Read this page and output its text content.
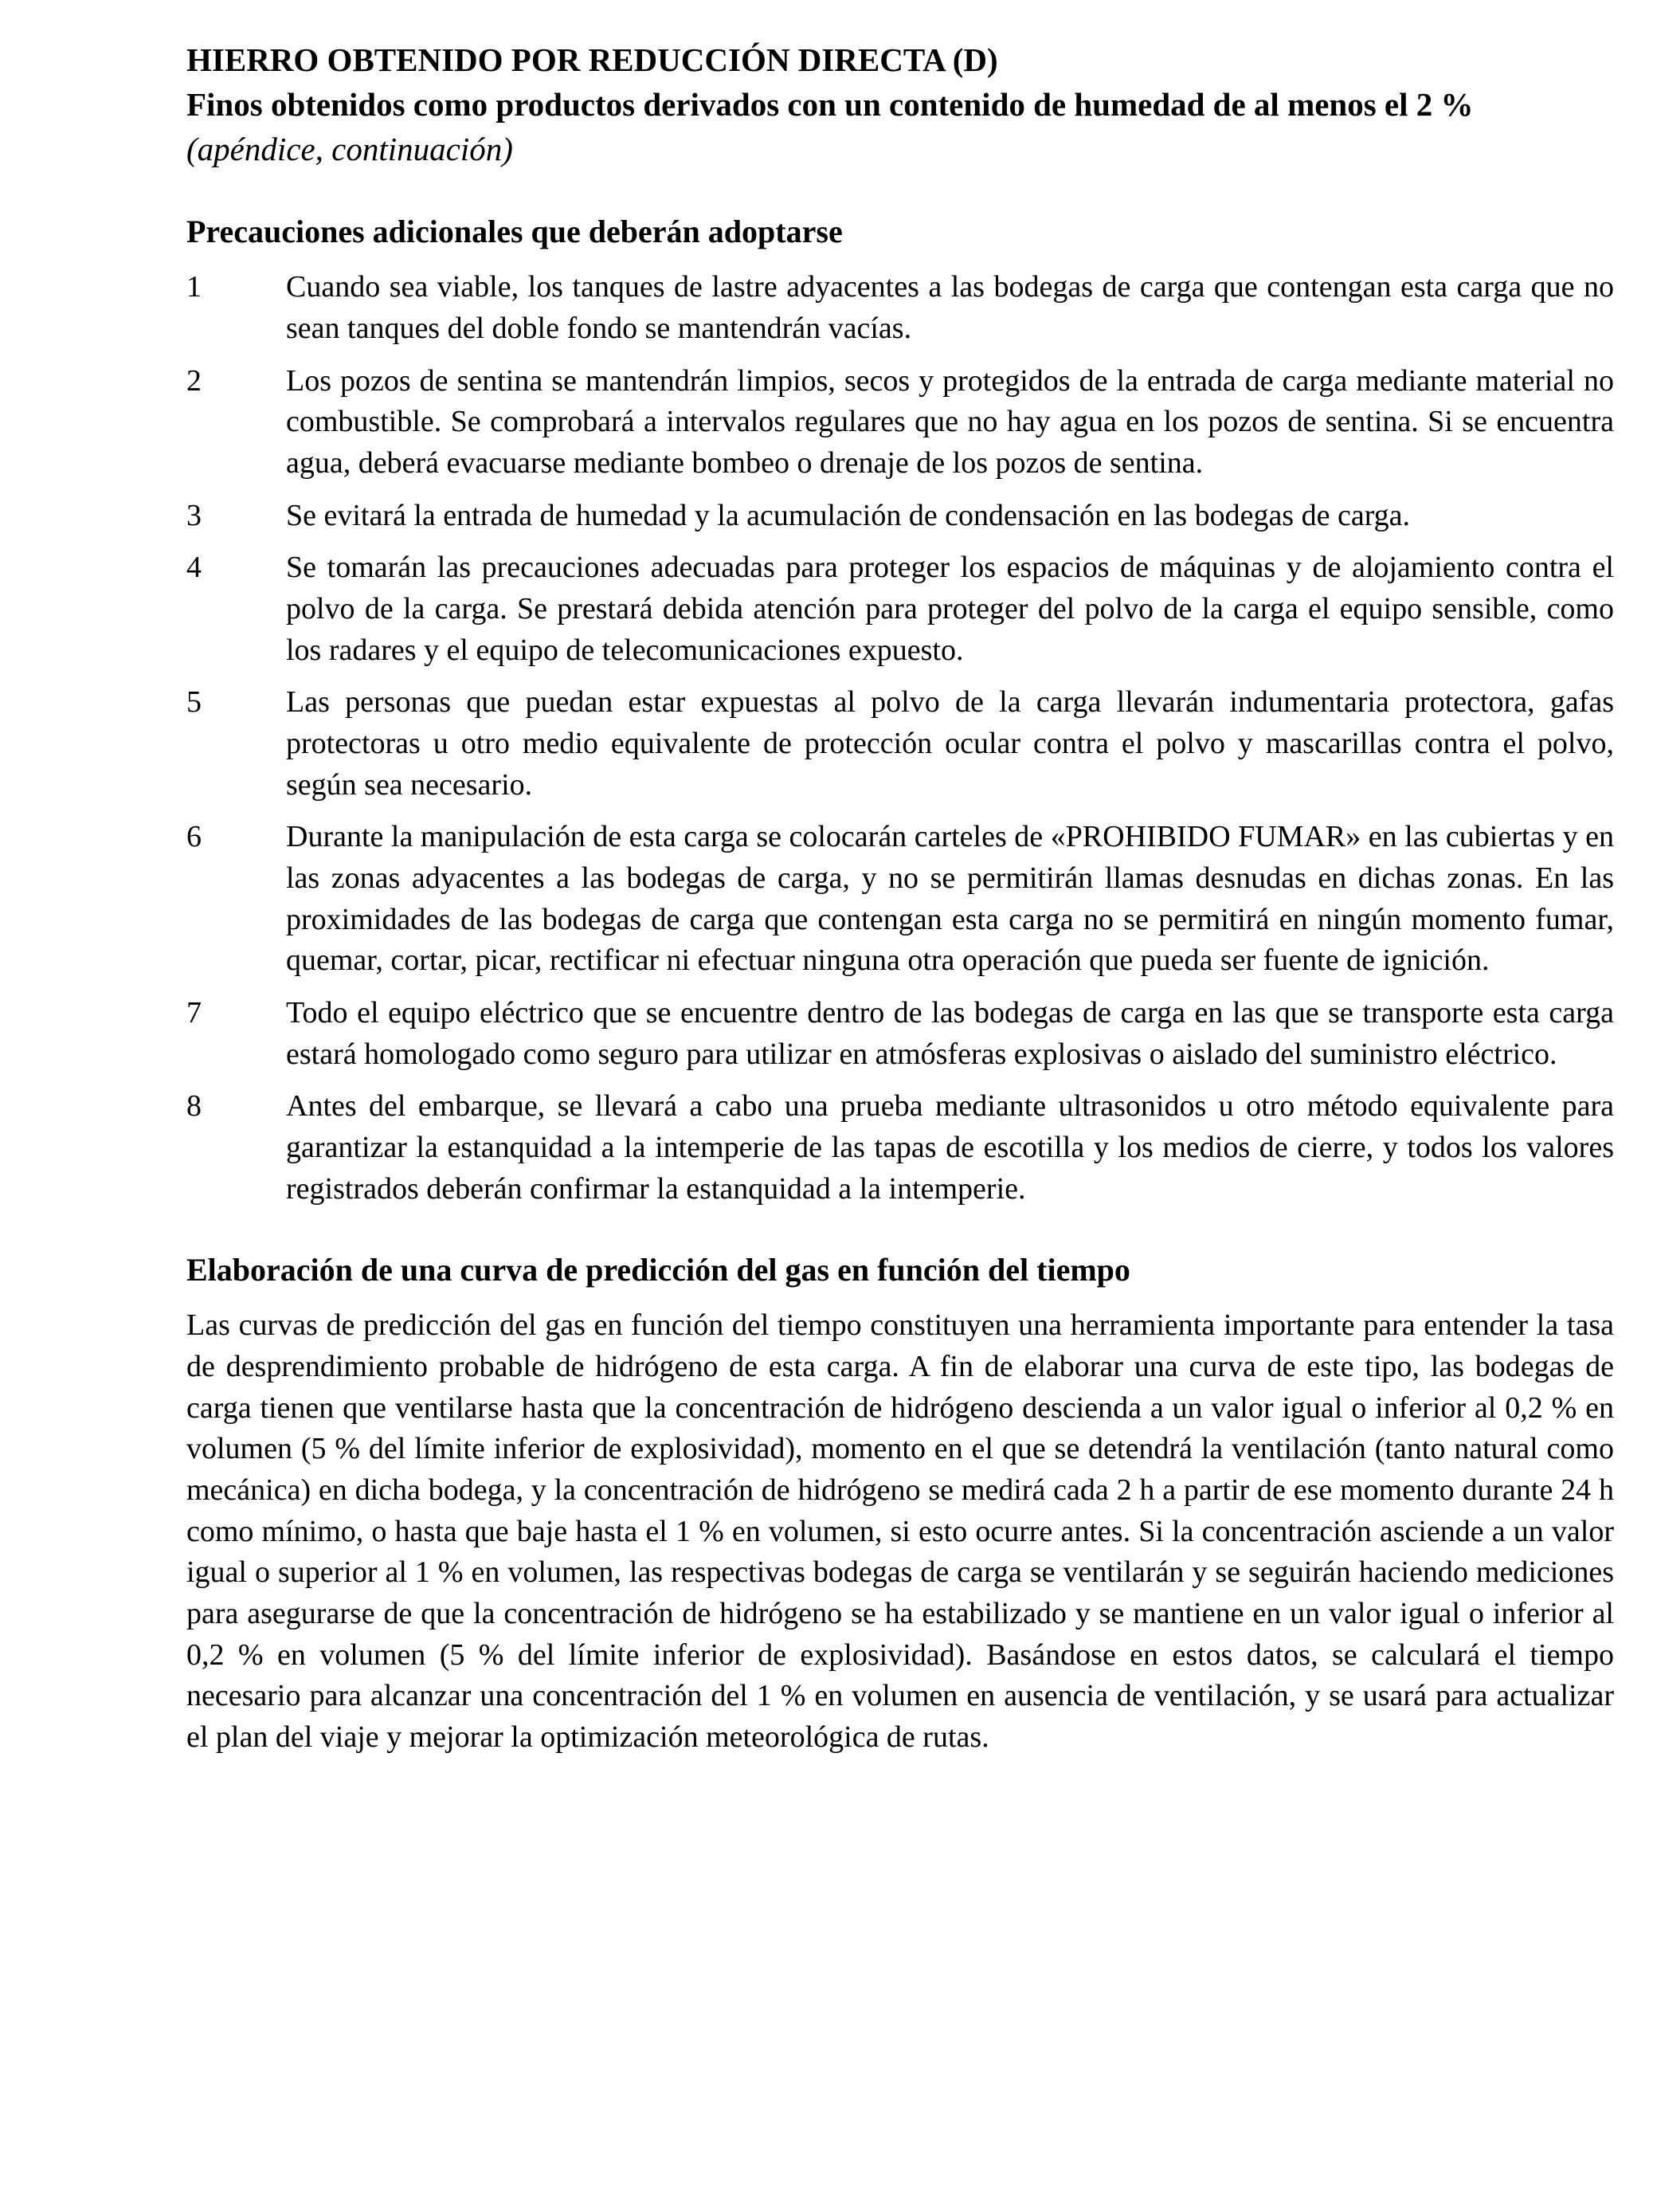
HIERRO OBTENIDO POR REDUCCIÓN DIRECTA (D)

Finos obtenidos como productos derivados con un contenido de humedad de al menos el 2 % (apéndice, continuación)

Precauciones adicionales que deberán adoptarse
1	Cuando sea viable, los tanques de lastre adyacentes a las bodegas de carga que contengan esta carga que no sean tanques del doble fondo se mantendrán vacías.
2	Los pozos de sentina se mantendrán limpios, secos y protegidos de la entrada de carga mediante material no combustible. Se comprobará a intervalos regulares que no hay agua en los pozos de sentina. Si se encuentra agua, deberá evacuarse mediante bombeo o drenaje de los pozos de sentina.
3	Se evitará la entrada de humedad y la acumulación de condensación en las bodegas de carga.
4	Se tomarán las precauciones adecuadas para proteger los espacios de máquinas y de alojamiento contra el polvo de la carga. Se prestará debida atención para proteger del polvo de la carga el equipo sensible, como los radares y el equipo de telecomunicaciones expuesto.
5	Las personas que puedan estar expuestas al polvo de la carga llevarán indumentaria protectora, gafas protectoras u otro medio equivalente de protección ocular contra el polvo y mascarillas contra el polvo, según sea necesario.
6	Durante la manipulación de esta carga se colocarán carteles de «PROHIBIDO FUMAR» en las cubiertas y en las zonas adyacentes a las bodegas de carga, y no se permitirán llamas desnudas en dichas zonas. En las proximidades de las bodegas de carga que contengan esta carga no se permitirá en ningún momento fumar, quemar, cortar, picar, rectificar ni efectuar ninguna otra operación que pueda ser fuente de ignición.
7	Todo el equipo eléctrico que se encuentre dentro de las bodegas de carga en las que se transporte esta carga estará homologado como seguro para utilizar en atmósferas explosivas o aislado del suministro eléctrico.
8	Antes del embarque, se llevará a cabo una prueba mediante ultrasonidos u otro método equivalente para garantizar la estanquidad a la intemperie de las tapas de escotilla y los medios de cierre, y todos los valores registrados deberán confirmar la estanquidad a la intemperie.
Elaboración de una curva de predicción del gas en función del tiempo

Las curvas de predicción del gas en función del tiempo constituyen una herramienta importante para entender la tasa de desprendimiento probable de hidrógeno de esta carga. A fin de elaborar una curva de este tipo, las bodegas de carga tienen que ventilarse hasta que la concentración de hidrógeno descienda a un valor igual o inferior al 0,2 % en volumen (5 % del límite inferior de explosividad), momento en el que se detendrá la ventilación (tanto natural como mecánica) en dicha bodega, y la concentración de hidrógeno se medirá cada 2 h a partir de ese momento durante 24 h como mínimo, o hasta que baje hasta el 1 % en volumen, si esto ocurre antes. Si la concentración asciende a un valor igual o superior al 1 % en volumen, las respectivas bodegas de carga se ventilarán y se seguirán haciendo mediciones para asegurarse de que la concentración de hidrógeno se ha estabilizado y se mantiene en un valor igual o inferior al 0,2 % en volumen (5 % del límite inferior de explosividad). Basándose en estos datos, se calculará el tiempo necesario para alcanzar una concentración del 1 % en volumen en ausencia de ventilación, y se usará para actualizar el plan del viaje y mejorar la optimización meteorológica de rutas.
